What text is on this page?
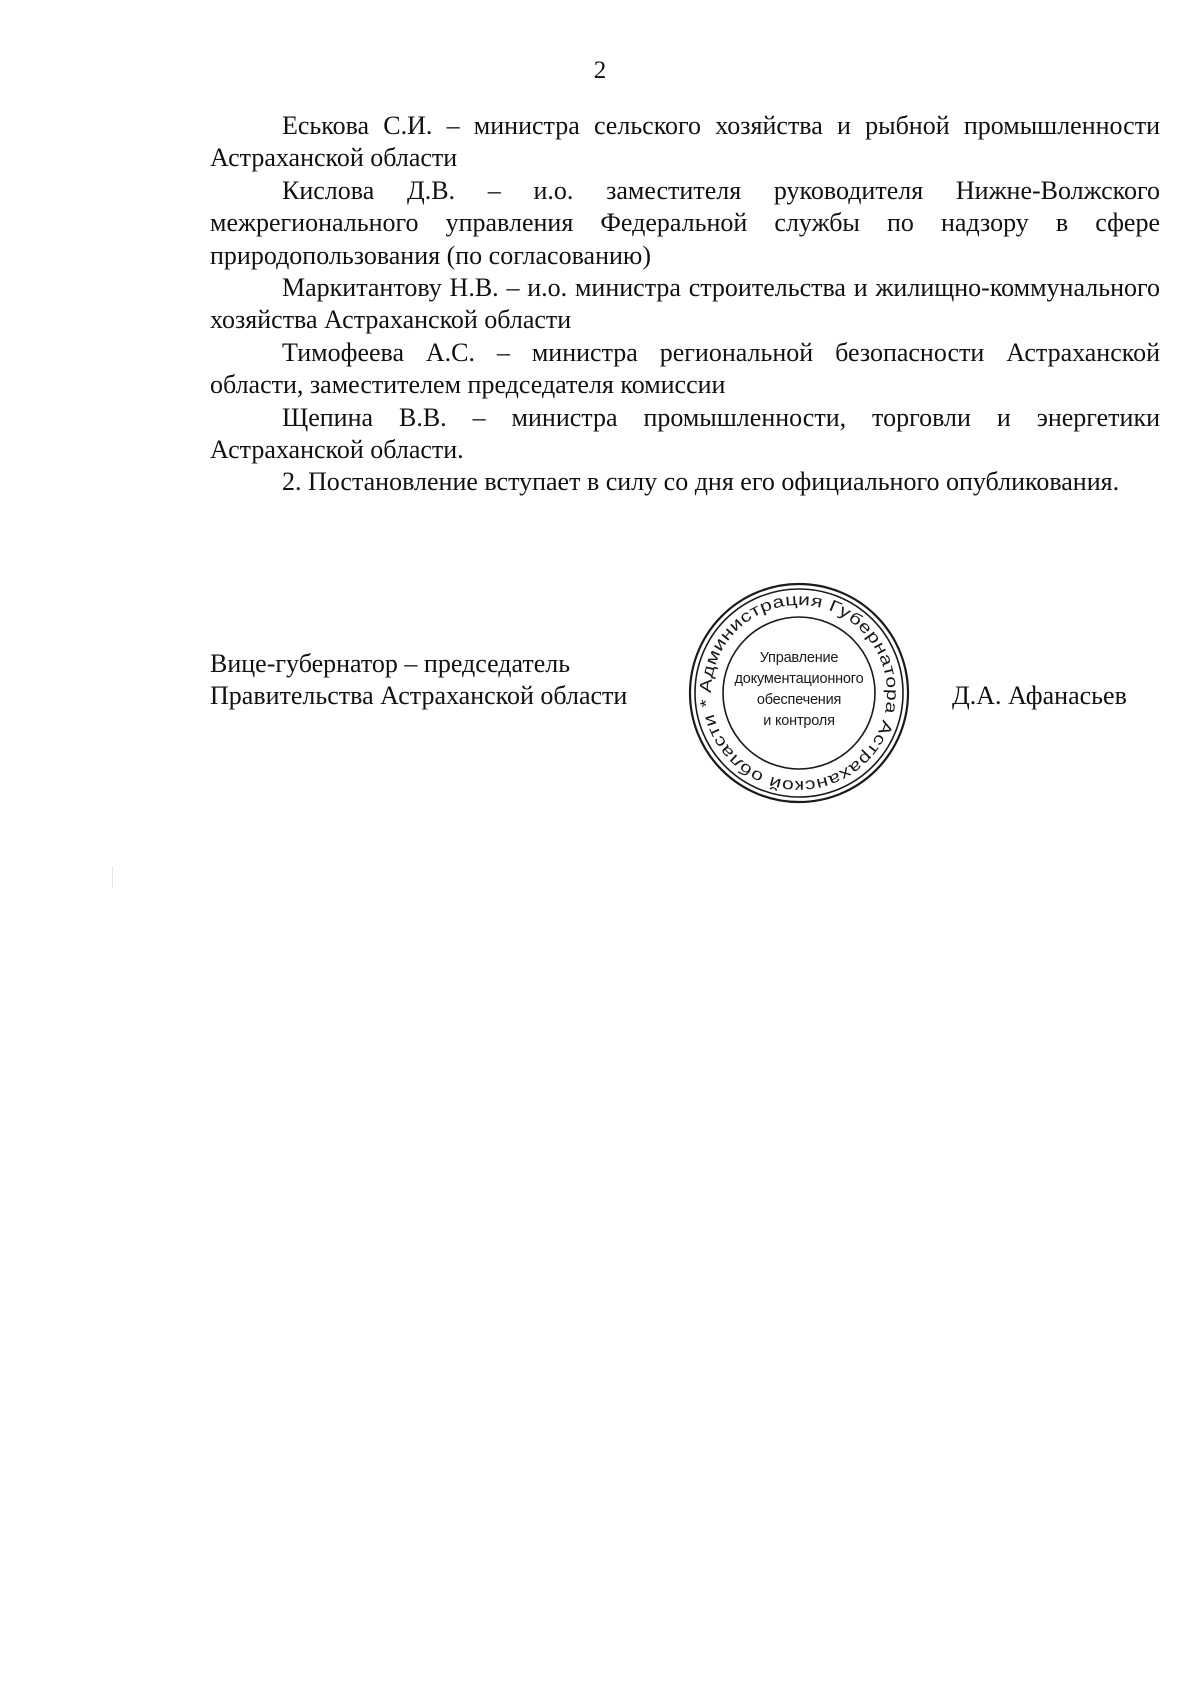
2

Еськова С.И. – министра сельского хозяйства и рыбной промышленности Астраханской области

Кислова Д.В. – и.о. заместителя руководителя Нижне-Волжского межрегионального управления Федеральной службы по надзору в сфере природопользования (по согласованию)

Маркитантову Н.В. – и.о. министра строительства и жилищно-коммунального хозяйства Астраханской области

Тимофеева А.С. – министра региональной безопасности Астраханской области, заместителем председателя комиссии

Щепина В.В. – министра промышленности, торговли и энергетики Астраханской области.

2. Постановление вступает в силу со дня его официального опубликования.

Вице-губернатор – председатель
Правительства Астраханской области	Администрация Губернатора Астраханской области *
Управление
документационного
обеспечения
и контроля
Д.А. Афанасьев
